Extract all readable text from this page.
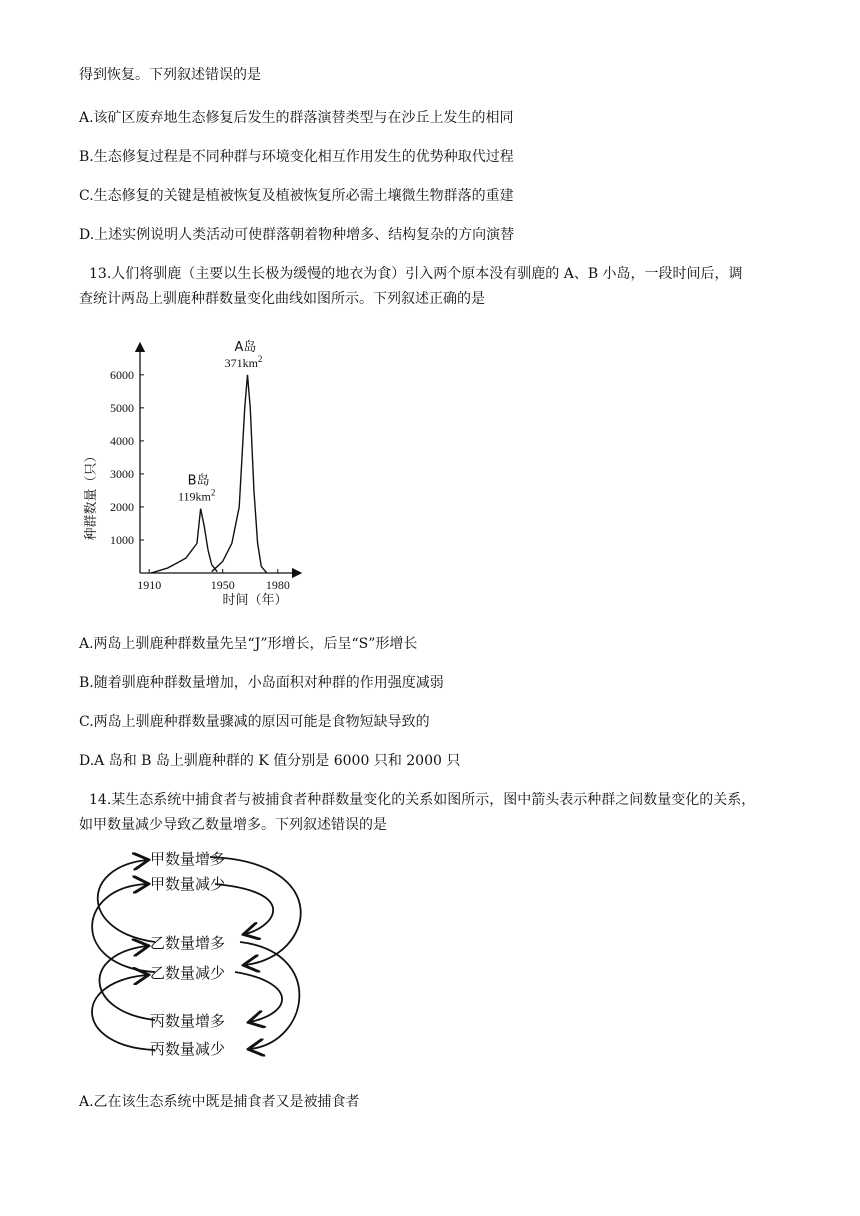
得到恢复。下列叙述错误的是
A.该矿区废弃地生态修复后发生的群落演替类型与在沙丘上发生的相同
B.生态修复过程是不同种群与环境变化相互作用发生的优势种取代过程
C.生态修复的关键是植被恢复及植被恢复所必需土壤微生物群落的重建
D.上述实例说明人类活动可使群落朝着物种增多、结构复杂的方向演替
13.人们将驯鹿（主要以生长极为缓慢的地衣为食）引入两个原本没有驯鹿的 A、B 小岛，一段时间后，调
查统计两岛上驯鹿种群数量变化曲线如图所示。下列叙述正确的是
1000
2000
3000
4000
5000
6000
1910	1950	1980
B岛
$119km^2$
A岛
$371km^2$
种群数量（只）
时间（年）
A.两岛上驯鹿种群数量先呈“J”形增长，后呈“S”形增长
B.随着驯鹿种群数量增加，小岛面积对种群的作用强度减弱
C.两岛上驯鹿种群数量骤减的原因可能是食物短缺导致的
D.A 岛和 B 岛上驯鹿种群的 K 值分别是 6000 只和 2000 只
14.某生态系统中捕食者与被捕食者种群数量变化的关系如图所示，图中箭头表示种群之间数量变化的关系，
如甲数量减少导致乙数量增多。下列叙述错误的是
甲数量增多
甲数量减少
乙数量增多
乙数量减少
丙数量增多
丙数量减少
A.乙在该生态系统中既是捕食者又是被捕食者
